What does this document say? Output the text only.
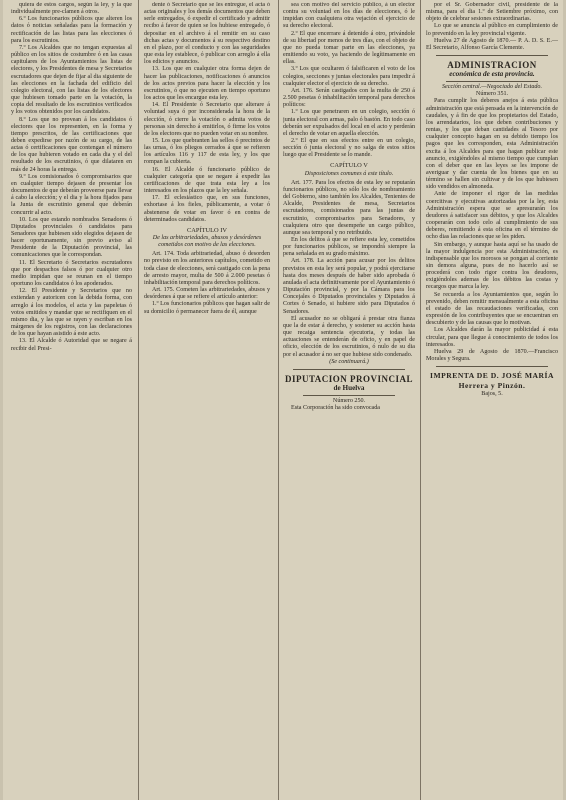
quiera de estos cargos, según la ley, y la que individualmente pre-clamen á otros.

6.º Los funcionarios públicos que alteren los datos ó noticias señaladas para la formación y rectificación de las listas para las elecciones ó para los escrutinios.

7.º Los Alcaldes que no tengan expuestas al público en los sitios de costumbre ó en las casas capitulares de los Ayuntamientos las listas de electores, y los Presidentes de mesa y Secretarios escrutadores que dejen de fijar al dia siguiente de las elecciones en la fachada del edificio del colegio electoral, con las listas de los electores que hubiesen tomado parte en la votación, la copia del resultado de los escrutinios verificados y los votos obtenidos por los candidatos.

8.º Los que no provean á los candidatos ó electores que los representen, en la forma y tiempo prescritos, de las certificaciones que deben expedirse por razón de su cargo, de las actas ó certificaciones que contengan el número de los que hubieren votado en cada dia y el del resultado de los escrutinios, ó que dilataren en más de 24 horas la entrega.

9.º Los comisionados ó compromisarios que en cualquier tiempo dejasen de presentar los documentos de que deberán proveerse para llevar á cabo la elección; y el dia y la hora fijados para la Junta de escrutinio general que deberán concurrir al acto.

10. Los que estando nombrados Senadores ó Diputados provinciales ó candidatos para Senadores que hubiesen sido elegidos dejasen de hacer oportunamente, sin previo aviso al Presidente de la Diputación provincial, las comunicaciones que le correspondan.

11. El Secretario ó Secretarios escrutadores que por despachos falsos ó por cualquier otro medio impidan que se reunan en el tiempo oportuno los candidatos ó los apoderados.

12. El Presidente y Secretarios que no extiendan y autoricen con la debida forma, con arreglo á los modelos, el acta y las papeletas ó votos emitidos y mandar que se rectifiquen en el mismo dia, y las que se rayen y escriban en los márgenes de los registros, con las declaraciones de los que hayan asistido á este acto.

13. El Alcalde ó Autoridad que se negare á recibir del Presi-

dente ó Secretario que se les entregue, el acta ó actas originales y los demás documentos que deben serle entregados, ó expedir el certificado y admitir recibo á favor de quien se los hubiese entregado, ó depositar en el archivo á el remitir en su caso dichas actas y documentos á su respectivo destino en el plazo, por el conducto y con las seguridades que esta ley establece, ó publicar con arreglo á ella los edictos y anuncios.

13. Los que en cualquier otra forma dejen de hacer las publicaciones, notificaciones ó anuncios de los actos previos para hacer la elección y los escrutinios, ó que no ejecuten en tiempo oportuno los actos que les encargue esta ley.

14. El Presidente ó Secretario que alterare á voluntad suya ó por inconsiderada la hora de la elección, ó cierre la votación o admita votos de personas sin derecho á emitirlos, ó firme los votos de los electores que no pueden votar en su nombre.

15. Los que quebranten las sellos ó precintos de las urnas, ó los pliegos cerrados á que se refieren los artículos 116 y 117 de esta ley, y los que rompan la cubierta.

16. El Alcalde ó funcionario público de cualquier categoría que se negare á expedir las certificaciones de que trata esta ley a los interesados en los plazos que la ley señala.

17. El eclesiástico que, en sus funciones, exhortase á los fieles, públicamente, a votar ó abstenerse de votar en favor ó en contra de determinados candidatos.

CAPÍTULO IV

De las arbitrariedades, abusos y desórdenes cometidos con motivo de las elecciones.

Art. 174. Toda arbitrariedad, abuso ó desorden no previsto en los anteriores capítulos, cometido en toda clase de elecciones, será castigado con la pena de arresto mayor, multa de 500 á 2.000 pesetas ó inhabilitación temporal para derechos políticos.

Art. 175. Cometen las arbitrariedades, abusos y desórdenes á que se refiere el artículo anterior:

1.º Los funcionarios públicos que hagan salir de su domicilio ó permanecer fuera de él, aunque

sea con motivo del servicio público, á un elector contra su voluntad en los días de elecciones, ó le impidan con cualquiera otra vejación el ejercicio de su derecho electoral.

2.º El que encerrare á detenido á otro, privándole de su libertad por menos de tres días, con el objeto de que no pueda tomar parte en las elecciones, ya emitiendo su voto, ya haciendo de legítimamente en ellas.

3.º Los que ocultaren ó falsificaren el voto de los colegios, secciones y juntas electorales para impedir á cualquier elector el ejercicio de su derecho.

Art. 176. Serán castigados con la multa de 250 á 2.500 pesetas ó inhabilitación temporal para derechos políticos:

1.º Los que penetraren en un colegio, sección ó junta electoral con armas, palo ó bastón. En todo caso deberán ser expulsados del local en el acto y perderán el derecho de votar en aquella elección.

2.º El que en sus efectos entre en un colegio, sección ó junta electoral y no salga de estos sitios luego que el Presidente se lo mande.

CAPÍTULO V

Disposiciones comunes á este título.

Art. 177. Para los efectos de esta ley se reputarán funcionarios públicos, no sólo los de nombramiento del Gobierno, sino también los Alcaldes, Tenientes de Alcalde, Presidentes de mesa, Secretarios escrutadores, comisionados para las juntas de escrutinio, compromisarios para Senadores, y cualquiera otro que desempeñe un cargo público, aunque sea temporal y no retribuido.

En los delitos á que se refiere esta ley, cometidos por funcionarios públicos, se impondrá siempre la pena señalada en su grado máximo.

Art. 178. La acción para acusar por los delitos previstos en esta ley será popular, y podrá ejercitarse hasta dos meses después de haber sido aprobada ó anulada el acta definitivamente por el Ayuntamiento ó Diputación provincial, y por la Cámara para los Concejales ó Diputados provinciales y Diputados á Cortes ó Senado, si hubiere sido para Diputados ó Senadores.

El acusador no se obligará á prestar otra fianza que la de estar á derecho, y sostener su acción hasta que recaiga sentencia ejecutoria, y todas las actuaciones se entenderán de oficio, y en papel de oficio, elección de los escrutinios, ó nulo de su dia por el acusador á no ser que hubiese sido condenado.

(Se continuará.)

DIPUTACION PROVINCIAL

de Huelva

Número 250.

Esta Corporación ha sido convocada

por el Sr. Gobernador civil, presidente de la misma, para el dia 1.º de Setiembre próximo, con objeto de celebrar sesiones extraordinarias.

Lo que se anuncia al público en cumplimiento de lo prevenido en la ley provincial vigente.

Huelva 27 de Agosto de 1870.— P. A. D. S. E.— El Secretario, Alfonso García Clemente.

ADMINISTRACION

económica de esta provincia.

Sección central.—Negociado del Estado.

Número 351.

Para cumplir los deberes anejos á esta pública administración que está pensada en la intervención de caudales, y á fin de que los propietarios del Estado, los arrendatarios, los que deben contribuciones y rentas, y los que deban cantidades al Tesoro por cualquier concepto hagan en su debido tiempo los pagos que les corresponden, esta Administración excita á los Alcaldes para que hagan publicar este anuncio, exigiéndoles al mismo tiempo que cumplan con el deber que en las leyes se les impone de averiguar y dar cuenta de los bienes que en su término se hallen sin cultivar y de los que hubiesen sido vendidos en almoneda.

Ante de imponer el rigor de las medidas coercitivas y ejecutivas autorizadas por la ley, esta Administración espera que se apresurarán los deudores á satisfacer sus débitos, y que los Alcaldes cooperarán con todo celo al cumplimiento de sus deberes, remitiendo á esta oficina en el término de ocho dias las relaciones que se les piden.

Sin embargo, y aunque hasta aquí se ha usado de la mayor indulgencia por esta Administración, es indispensable que los morosos se pongan al corriente sin demora alguna, pues de no hacerlo así se procederá con todo rigor contra los deudores, exigiéndoles ademas de los débitos las costas y recargos que marca la ley.

Se recuerda a los Ayuntamientos que, según lo prevenido, deben remitir mensualmente a esta oficina el estado de las recaudaciones verificadas, con expresión de los contribuyentes que se encuentran en descubierto y de las causas que lo motivan.

Los Alcaldes darán la mayor publicidad á esta circular, para que llegue á conocimiento de todos los interesados.

Huelva 29 de Agosto de 1870.—Francisco Morales y Segura.

IMPRENTA DE D. JOSÉ MARÍA Herrera y Pinzón.

Bajos, 5.
